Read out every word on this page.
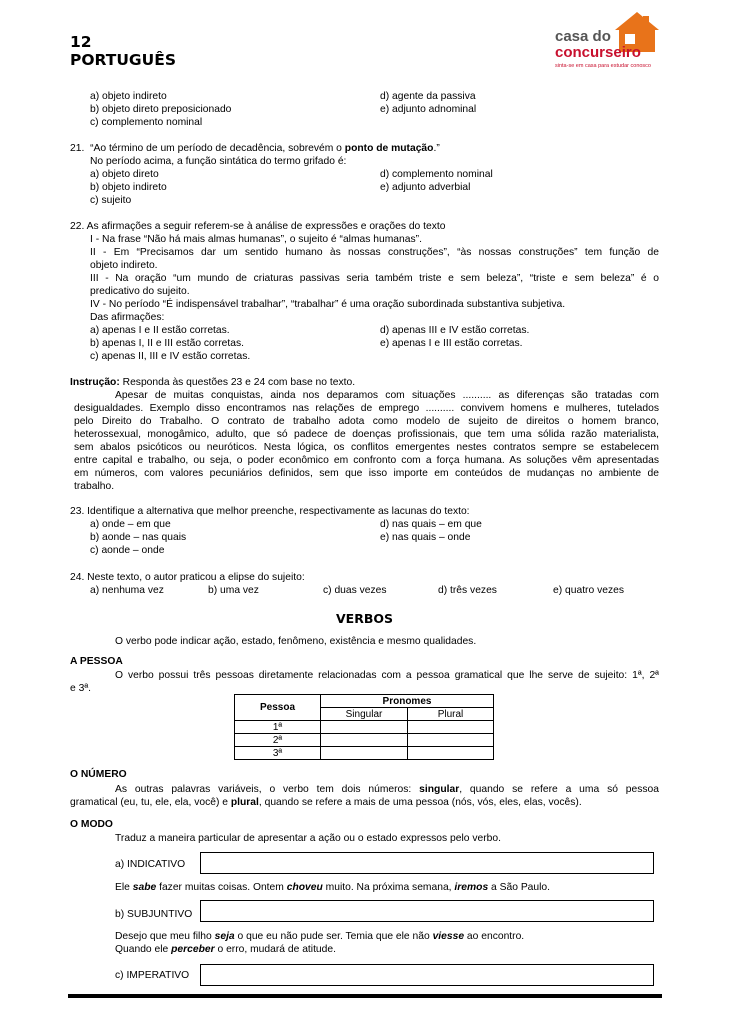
12
PORTUGUÊS
casa do
concurseiro
sinta-se em casa para estudar conosco
a) objeto indireto
b) objeto direto preposicionado
c) complemento nominal
d) agente da passiva
e) adjunto adnominal
21. “Ao término de um período de decadência, sobrevém o ponto de mutação.”
No período acima, a função sintática do termo grifado é:
a) objeto direto
b) objeto indireto
c) sujeito
d) complemento nominal
e) adjunto adverbial
22. As afirmações a seguir referem-se à análise de expressões e orações do texto
I - Na frase “Não há mais almas humanas”, o sujeito é “almas humanas”.
II - Em “Precisamos dar um sentido humano às nossas construções”, “às nossas construções” tem função de
objeto indireto.
III - Na oração “um mundo de criaturas passivas seria também triste e sem beleza”, “triste e sem beleza” é o
predicativo do sujeito.
IV - No período “É indispensável trabalhar”, “trabalhar” é uma oração subordinada substantiva subjetiva.
Das afirmações:
a) apenas I e II estão corretas.
b) apenas I, II e III estão corretas.
c) apenas II, III e IV estão corretas.
d) apenas III e IV estão corretas.
e) apenas I e III estão corretas.
Instrução: Responda às questões 23 e 24 com base no texto.
Apesar de muitas conquistas, ainda nos deparamos com situações .......... as diferenças são tratadas com
desigualdades. Exemplo disso encontramos nas relações de emprego .......... convivem homens e mulheres, tutelados
pelo Direito do Trabalho. O contrato de trabalho adota como modelo de sujeito de direitos o homem branco,
heterossexual, monogâmico, adulto, que só padece de doenças profissionais, que tem uma sólida razão materialista,
sem abalos psicóticos ou neuróticos. Nesta lógica, os conflitos emergentes nestes contratos sempre se estabelecem
entre capital e trabalho, ou seja, o poder econômico em confronto com a força humana. As soluções vêm apresentadas
em números, com valores pecuniários definidos, sem que isso importe em conteúdos de mudanças no ambiente de
trabalho.
23. Identifique a alternativa que melhor preenche, respectivamente as lacunas do texto:
a) onde – em que
b) aonde – nas quais
c) aonde – onde
d) nas quais – em que
e) nas quais – onde
24. Neste texto, o autor praticou a elipse do sujeito:
a) nenhuma vez	b) uma vez	c) duas vezes	d) três vezes	e) quatro vezes
VERBOS
O verbo pode indicar ação, estado, fenômeno, existência e mesmo qualidades.
A PESSOA
O verbo possui três pessoas diretamente relacionadas com a pessoa gramatical que lhe serve de sujeito: 1ª, 2ª
e 3ª.
Pessoa	Pronomes	
	Singular	Plural
1ª		
2ª		
3ª		
O NÚMERO
As outras palavras variáveis, o verbo tem dois números: singular, quando se refere a uma só pessoa
gramatical (eu, tu, ele, ela, você) e plural, quando se refere a mais de uma pessoa (nós, vós, eles, elas, vocês).
O MODO
Traduz a maneira particular de apresentar a ação ou o estado expressos pelo verbo.
a) INDICATIVO
Ele sabe fazer muitas coisas. Ontem choveu muito. Na próxima semana, iremos a São Paulo.
b) SUBJUNTIVO
Desejo que meu filho seja o que eu não pude ser. Temia que ele não viesse ao encontro.
Quando ele perceber o erro, mudará de atitude.
c) IMPERATIVO
